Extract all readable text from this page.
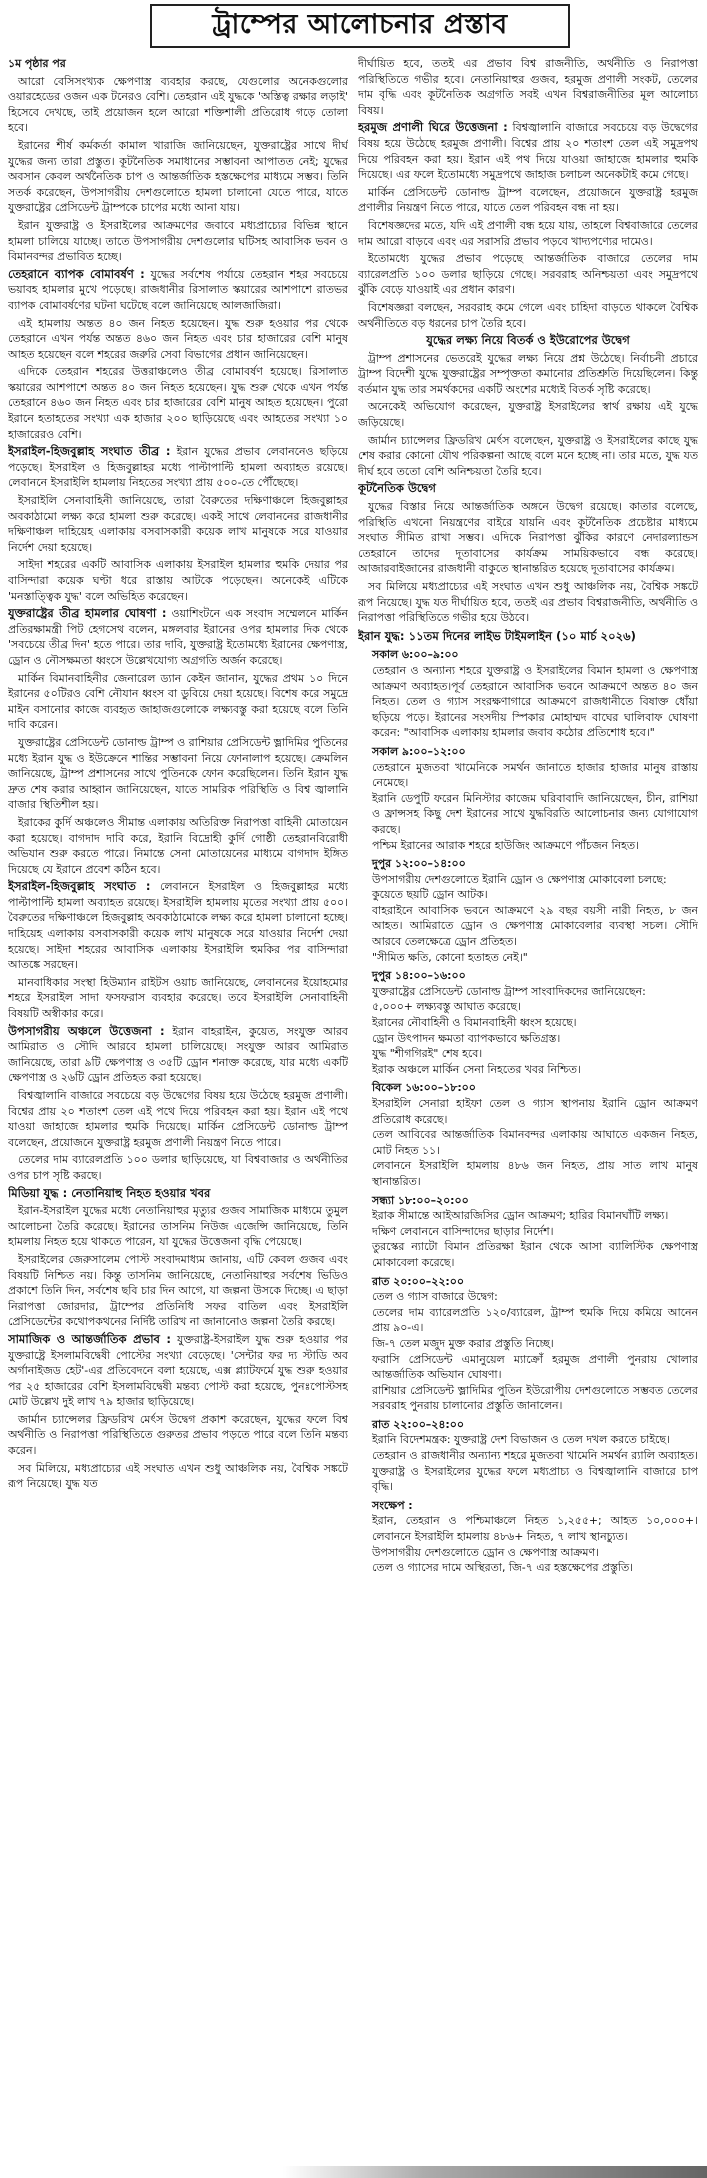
ট্রাম্পের আলোচনার প্রস্তাব

১ম পৃষ্ঠার পর

আরো বেসিসংখ্যক ক্ষেপণাস্ত্র ব্যবহার করছে, যেগুলোর অনেকগুলোর ওয়ারহেডের ওজন এক টনেরও বেশি। তেহরান এই যুদ্ধকে 'অস্তিত্ব রক্ষার লড়াই' হিসেবে দেখছে, তাই প্রয়োজন হলে আরো শক্তিশালী প্রতিরোধ গড়ে তোলা হবে।

ইরানের শীর্ষ কর্মকর্তা কামাল খারাজি জানিয়েছেন, যুক্তরাষ্ট্রের সাথে দীর্ঘ যুদ্ধের জন্য তারা প্রস্তুত। কূটনৈতিক সমাধানের সম্ভাবনা আপাতত নেই; যুদ্ধের অবসান কেবল অর্থনৈতিক চাপ ও আন্তর্জাতিক হস্তক্ষেপের মাধ্যমে সম্ভব। তিনি সতর্ক করেছেন, উপসাগরীয় দেশগুলোতে হামলা চালানো যেতে পারে, যাতে যুক্তরাষ্ট্রের প্রেসিডেন্ট ট্রাম্পকে চাপের মধ্যে আনা যায়।

ইরান যুক্তরাষ্ট্র ও ইসরাইলের আক্রমণের জবাবে মধ্যপ্রাচ্যের বিভিন্ন স্থানে হামলা চালিয়ে যাচ্ছে। তাতে উপসাগরীয় দেশগুলোর ঘটিসহ আবাসিক ভবন ও বিমানবন্দর প্রভাবিত হচ্ছে।

তেহরানে ব্যাপক বোমাবর্ষণ : যুদ্ধের সর্বশেষ পর্যায়ে তেহরান শহর সবচেয়ে ভয়াবহ হামলার মুখে পড়েছে। রাজধানীর রিসালাত স্কয়ারের আশপাশে রাতভর ব্যাপক বোমাবর্ষণের ঘটনা ঘটেছে বলে জানিয়েছে আলজাজিরা।

এই হামলায় অন্তত ৪০ জন নিহত হয়েছেন। যুদ্ধ শুরু হওয়ার পর থেকে তেহরানে এখন পর্যন্ত অন্তত ৪৬০ জন নিহত এবং চার হাজারের বেশি মানুষ আহত হয়েছেন বলে শহরের জরুরি সেবা বিভাগের প্রধান জানিয়েছেন।

এদিকে তেহরান শহরের উত্তরাঞ্চলেও তীব্র বোমাবর্ষণ হয়েছে। রিসালাত স্কয়ারের আশপাশে অন্তত ৪০ জন নিহত হয়েছেন। যুদ্ধ শুরু থেকে এখন পর্যন্ত তেহরানে ৪৬০ জন নিহত এবং চার হাজারের বেশি মানুষ আহত হয়েছেন। পুরো ইরানে হতাহতের সংখ্যা এক হাজার ২০০ ছাড়িয়েছে এবং আহতের সংখ্যা ১০ হাজারেরও বেশি।

ইসরাইল-হিজবুল্লাহ সংঘাত তীব্র : ইরান যুদ্ধের প্রভাব লেবাননেও ছড়িয়ে পড়েছে। ইসরাইল ও হিজবুল্লাহর মধ্যে পাল্টাপাল্টি হামলা অব্যাহত রয়েছে। লেবাননে ইসরাইলি হামলায় নিহতের সংখ্যা প্রায় ৫০০-তে পৌঁছেছে।

ইসরাইলি সেনাবাহিনী জানিয়েছে, তারা বৈরুতের দক্ষিণাঞ্চলে হিজবুল্লাহর অবকাঠামো লক্ষ্য করে হামলা শুরু করেছে। একই সাথে লেবাননের রাজধানীর দক্ষিণাঞ্চল দাহিয়েহ এলাকায় বসবাসকারী কয়েক লাখ মানুষকে সরে যাওয়ার নির্দেশ দেয়া হয়েছে।

সাইদা শহরের একটি আবাসিক এলাকায় ইসরাইল হামলার হুমকি দেয়ার পর বাসিন্দারা কয়েক ঘণ্টা ধরে রাস্তায় আটকে পড়েছেন। অনেকেই এটিকে 'মনস্তাত্ত্বিক যুদ্ধ' বলে অভিহিত করেছেন।

যুক্তরাষ্ট্রের তীব্র হামলার ঘোষণা : ওয়াশিংটনে এক সংবাদ সম্মেলনে মার্কিন প্রতিরক্ষামন্ত্রী পিট হেগসেথ বলেন, মঙ্গলবার ইরানের ওপর হামলার দিক থেকে 'সবচেয়ে তীব্র দিন' হতে পারে। তার দাবি, যুক্তরাষ্ট্র ইতোমধ্যে ইরানের ক্ষেপণাস্ত্র, ড্রোন ও নৌসক্ষমতা ধ্বংসে উল্লেখযোগ্য অগ্রগতি অর্জন করেছে।

মার্কিন বিমানবাহিনীর জেনারেল ড্যান কেইন জানান, যুদ্ধের প্রথম ১০ দিনে ইরানের ৫০টিরও বেশি নৌযান ধ্বংস বা ডুবিয়ে দেয়া হয়েছে। বিশেষ করে সমুদ্রে মাইন বসানোর কাজে ব্যবহৃত জাহাজগুলোকে লক্ষ্যবস্তু করা হয়েছে বলে তিনি দাবি করেন।

যুক্তরাষ্ট্রের প্রেসিডেন্ট ডোনাল্ড ট্রাম্প ও রাশিয়ার প্রেসিডেন্ট ভ্লাদিমির পুতিনের মধ্যে ইরান যুদ্ধ ও ইউক্রেনে শান্তির সম্ভাবনা নিয়ে ফোনালাপ হয়েছে। ক্রেমলিন জানিয়েছে, ট্রাম্প প্রশাসনের সাথে পুতিনকে ফোন করেছিলেন। তিনি ইরান যুদ্ধ দ্রুত শেষ করার আহ্বান জানিয়েছেন, যাতে সামরিক পরিস্থিতি ও বিশ্ব জ্বালানি বাজার স্থিতিশীল হয়।

ইরাকের কুর্দি অঞ্চলেও সীমান্ত এলাকায় অতিরিক্ত নিরাপত্তা বাহিনী মোতায়েন করা হয়েছে। বাগদাদ দাবি করে, ইরানি বিদ্রোহী কুর্দি গোষ্ঠী তেহরানবিরোধী অভিযান শুরু করতে পারে। নিমান্তে সেনা মোতায়েনের মাধ্যমে বাগদাদ ইঙ্গিত দিয়েছে যে ইরানে প্রবেশ কঠিন হবে।

ইসরাইল-হিজবুল্লাহ সংঘাত : লেবাননে ইসরাইল ও হিজবুল্লাহর মধ্যে পাল্টাপাল্টি হামলা অব্যাহত রয়েছে। ইসরাইলি হামলায় মৃতের সংখ্যা প্রায় ৫০০। বৈরুতের দক্ষিণাঞ্চলে হিজবুল্লাহ অবকাঠামোকে লক্ষ্য করে হামলা চালানো হচ্ছে। দাহিয়েহ এলাকায় বসবাসকারী কয়েক লাখ মানুষকে সরে যাওয়ার নির্দেশ দেয়া হয়েছে। সাইদা শহরের আবাসিক এলাকায় ইসরাইলি হুমকির পর বাসিন্দারা আতঙ্কে সরছেন।

মানবাধিকার সংস্থা হিউম্যান রাইটস ওয়াচ জানিয়েছে, লেবাননের ইয়োহমোর শহরে ইসরাইল সাদা ফসফরাস ব্যবহার করেছে। তবে ইসরাইলি সেনাবাহিনী বিষয়টি অস্বীকার করে।

উপসাগরীয় অঞ্চলে উত্তেজনা : ইরান বাহরাইন, কুয়েত, সংযুক্ত আরব আমিরাত ও সৌদি আরবে হামলা চালিয়েছে। সংযুক্ত আরব আমিরাত জানিয়েছে, তারা ৯টি ক্ষেপণাস্ত্র ও ৩৫টি ড্রোন শনাক্ত করেছে, যার মধ্যে একটি ক্ষেপণাস্ত্র ও ২৬টি ড্রোন প্রতিহত করা হয়েছে।

বিশ্বজ্বালানি বাজারে সবচেয়ে বড় উদ্বেগের বিষয় হয়ে উঠেছে হরমুজ প্রণালী। বিশ্বের প্রায় ২০ শতাংশ তেল এই পথে দিয়ে পরিবহন করা হয়। ইরান এই পথে যাওয়া জাহাজে হামলার হুমকি দিয়েছে। মার্কিন প্রেসিডেন্ট ডোনাল্ড ট্রাম্প বলেছেন, প্রয়োজনে যুক্তরাষ্ট্র হরমুজ প্রণালী নিয়ন্ত্রণ নিতে পারে।

তেলের দাম ব্যারেলপ্রতি ১০০ ডলার ছাড়িয়েছে, যা বিশ্ববাজার ও অর্থনীতির ওপর চাপ সৃষ্টি করছে।

মিডিয়া যুদ্ধ : নেতানিয়াহু নিহত হওয়ার খবর

ইরান-ইসরাইল যুদ্ধের মধ্যে নেতানিয়াহুর মৃত্যুর গুজব সামাজিক মাধ্যমে তুমুল আলোচনা তৈরি করেছে। ইরানের তাসনিম নিউজ এজেন্সি জানিয়েছে, তিনি হামলায় নিহত হয়ে থাকতে পারেন, যা যুদ্ধের উত্তেজনা বৃদ্ধি পেয়েছে।

ইসরাইলের জেরুসালেম পোস্ট সংবাদমাধ্যম জানায়, এটি কেবল গুজব এবং বিষয়টি নিশ্চিত নয়। কিন্তু তাসনিম জানিয়েছে, নেতানিয়াহুর সর্বশেষ ভিডিও প্রকাশে তিনি দিন, সর্বশেষ ছবি চার দিন আগে, যা জল্পনা উসকে দিচ্ছে। এ ছাড়া নিরাপত্তা জোরদার, ট্রাম্পের প্রতিনিধি সফর বাতিল এবং ইসরাইলি প্রেসিডেন্টের কথোপকথনের নির্দিষ্ট তারিখ না জানানোও জল্পনা তৈরি করছে।

সামাজিক ও আন্তর্জাতিক প্রভাব : যুক্তরাষ্ট্র-ইসরাইল যুদ্ধ শুরু হওয়ার পর যুক্তরাষ্ট্রে ইসলামবিদ্বেষী পোস্টের সংখ্যা বেড়েছে। 'সেন্টার ফর দ্য স্টাডি অব অর্গানাইজড হেট'-এর প্রতিবেদনে বলা হয়েছে, এক্স প্ল্যাটফর্মে যুদ্ধ শুরু হওয়ার পর ২৫ হাজারের বেশি ইসলামবিদ্বেষী মন্তব্য পোস্ট করা হয়েছে, পুনঃপোস্টসহ মোট উল্লেখ দুই লাখ ৭৯ হাজার ছাড়িয়েছে।

জার্মান চ্যান্সেলর ফ্রিডরিখ মের্ৎস উদ্বেগ প্রকাশ করেছেন, যুদ্ধের ফলে বিশ্ব অর্থনীতি ও নিরাপত্তা পরিস্থিতিতে গুরুতর প্রভাব পড়তে পারে বলে তিনি মন্তব্য করেন।

সব মিলিয়ে, মধ্যপ্রাচ্যের এই সংঘাত এখন শুধু আঞ্চলিক নয়, বৈশ্বিক সঙ্কটে রূপ নিয়েছে। যুদ্ধ যত

দীর্ঘায়িত হবে, ততই এর প্রভাব বিশ্ব রাজনীতি, অর্থনীতি ও নিরাপত্তা পরিস্থিতিতে গভীর হবে। নেতানিয়াহুর গুজব, হরমুজ প্রণালী সংকট, তেলের দাম বৃদ্ধি এবং কূটনৈতিক অগ্রগতি সবই এখন বিশ্বরাজনীতির মূল আলোচ্য বিষয়।

হরমুজ প্রণালী ঘিরে উত্তেজনা : বিশ্বজ্বালানি বাজারে সবচেয়ে বড় উদ্বেগের বিষয় হয়ে উঠেছে হরমুজ প্রণালী। বিশ্বের প্রায় ২০ শতাংশ তেল এই সমুদ্রপথ দিয়ে পরিবহন করা হয়। ইরান এই পথ দিয়ে যাওয়া জাহাজে হামলার হুমকি দিয়েছে। এর ফলে ইতোমধ্যে সমুদ্রপথে জাহাজ চলাচল অনেকটাই কমে গেছে।

মার্কিন প্রেসিডেন্ট ডোনাল্ড ট্রাম্প বলেছেন, প্রয়োজনে যুক্তরাষ্ট্র হরমুজ প্রণালীর নিয়ন্ত্রণ নিতে পারে, যাতে তেল পরিবহন বন্ধ না হয়।

বিশেষজ্ঞদের মতে, যদি এই প্রণালী বন্ধ হয়ে যায়, তাহলে বিশ্ববাজারে তেলের দাম আরো বাড়বে এবং এর সরাসরি প্রভাব পড়বে খাদ্যপণ্যের দামেও।

ইতোমধ্যে যুদ্ধের প্রভাব পড়েছে আন্তর্জাতিক বাজারে তেলের দাম ব্যারেলপ্রতি ১০০ ডলার ছাড়িয়ে গেছে। সরবরাহ অনিশ্চয়তা এবং সমুদ্রপথে ঝুঁকি বেড়ে যাওয়াই এর প্রধান কারণ।

বিশেষজ্ঞরা বলছেন, সরবরাহ কমে গেলে এবং চাহিদা বাড়তে থাকলে বৈশ্বিক অর্থনীতিতে বড় ধরনের চাপ তৈরি হবে।

যুদ্ধের লক্ষ্য নিয়ে বিতর্ক ও ইউরোপের উদ্বেগ

ট্রাম্প প্রশাসনের ভেতরেই যুদ্ধের লক্ষ্য নিয়ে প্রশ্ন উঠেছে। নির্বাচনী প্রচারে ট্রাম্প বিদেশী যুদ্ধে যুক্তরাষ্ট্রের সম্পৃক্ততা কমানোর প্রতিশ্রুতি দিয়েছিলেন। কিন্তু বর্তমান যুদ্ধ তার সমর্থকদের একটি অংশের মধ্যেই বিতর্ক সৃষ্টি করেছে।

অনেকেই অভিযোগ করেছেন, যুক্তরাষ্ট্র ইসরাইলের স্বার্থ রক্ষায় এই যুদ্ধে জড়িয়েছে।

জার্মান চ্যান্সেলর ফ্রিডরিখ মের্ৎস বলেছেন, যুক্তরাষ্ট্র ও ইসরাইলের কাছে যুদ্ধ শেষ করার কোনো যৌথ পরিকল্পনা আছে বলে মনে হচ্ছে না। তার মতে, যুদ্ধ যত দীর্ঘ হবে ততো বেশি অনিশ্চয়তা তৈরি হবে।

কূটনৈতিক উদ্বেগ

যুদ্ধের বিস্তার নিয়ে আন্তর্জাতিক অঙ্গনে উদ্বেগ রয়েছে। কাতার বলেছে, পরিস্থিতি এখনো নিয়ন্ত্রণের বাইরে যায়নি এবং কূটনৈতিক প্রচেষ্টার মাধ্যমে সংঘাত সীমিত রাখা সম্ভব। এদিকে নিরাপত্তা ঝুঁকির কারণে নেদারল্যান্ডস তেহরানে তাদের দূতাবাসের কার্যক্রম সাময়িকভাবে বন্ধ করেছে। আজারবাইজানের রাজধানী বাকুতে স্থানান্তরিত হয়েছে দূতাবাসের কার্যক্রম।

সব মিলিয়ে মধ্যপ্রাচ্যের এই সংঘাত এখন শুধু আঞ্চলিক নয়, বৈশ্বিক সঙ্কটে রূপ নিয়েছে। যুদ্ধ যত দীর্ঘায়িত হবে, ততই এর প্রভাব বিশ্বরাজনীতি, অর্থনীতি ও নিরাপত্তা পরিস্থিতিতে গভীর হয়ে উঠবে।

ইরান যুদ্ধ: ১১তম দিনের লাইভ টাইমলাইন (১০ মার্চ ২০২৬)
সকাল ৬:০০–৯:০০

তেহরান ও অন্যান্য শহরে যুক্তরাষ্ট্র ও ইসরাইলের বিমান হামলা ও ক্ষেপণাস্ত্র আক্রমণ অব্যাহত।পূর্ব তেহরানে আবাসিক ভবনে আক্রমণে অন্তত ৪০ জন নিহত। তেল ও গ্যাস সংরক্ষণাগারে আক্রমণে রাজধানীতে বিষাক্ত ধোঁয়া ছড়িয়ে পড়ে। ইরানের সংসদীয় স্পিকার মোহাম্মদ বাঘের ঘালিবাফ ঘোষণা করেন: "আবাসিক এলাকায় হামলার জবাব কঠোর প্রতিশোধ হবে।"

সকাল ৯:০০–১২:০০

তেহরানে মুজতবা খামেনিকে সমর্থন জানাতে হাজার হাজার মানুষ রাস্তায় নেমেছে।

ইরানি ডেপুটি ফরেন মিনিস্টার কাজেম ঘরিবাবাদি জানিয়েছেন, চীন, রাশিয়া ও ফ্রান্সসহ কিছু দেশ ইরানের সাথে যুদ্ধবিরতি আলোচনার জন্য যোগাযোগ করছে।

পশ্চিম ইরানের আরাক শহরে হাউজিং আক্রমণে পাঁচজন নিহত।

দুপুর ১২:০০–১৪:০০

উপসাগরীয় দেশগুলোতে ইরানি ড্রোন ও ক্ষেপণাস্ত্র মোকাবেলা চলছে:

কুয়েতে ছয়টি ড্রোন আটক।

বাহরাইনে আবাসিক ভবনে আক্রমণে ২৯ বছর বয়সী নারী নিহত, ৮ জন আহত। আমিরাতে ড্রোন ও ক্ষেপণাস্ত্র মোকাবেলার ব্যবস্থা সচল। সৌদি আরবে তেলক্ষেত্রে ড্রোন প্রতিহত।

"সীমিত ক্ষতি, কোনো হতাহত নেই।"

দুপুর ১৪:০০–১৬:০০

যুক্তরাষ্ট্রের প্রেসিডেন্ট ডোনাল্ড ট্রাম্প সাংবাদিকদের জানিয়েছেন:

৫,০০০+ লক্ষ্যবস্তু আঘাত করেছে।

ইরানের নৌবাহিনী ও বিমানবাহিনী ধ্বংস হয়েছে।

ড্রোন উৎপাদন ক্ষমতা ব্যাপকভাবে ক্ষতিগ্রস্ত।

যুদ্ধ "শীগগিরই" শেষ হবে।

ইরাক অঞ্চলে মার্কিন সেনা নিহতের খবর নিশ্চিত।

বিকেল ১৬:০০–১৮:০০

ইসরাইলি সেনারা হাইফা তেল ও গ্যাস স্থাপনায় ইরানি ড্রোন আক্রমণ প্রতিরোধ করেছে।

তেল আবিবের আন্তর্জাতিক বিমানবন্দর এলাকায় আঘাতে একজন নিহত, মোট নিহত ১১।

লেবাননে ইসরাইলি হামলায় ৪৮৬ জন নিহত, প্রায় সাত লাখ মানুষ স্থানান্তরিত।

সন্ধ্যা ১৮:০০–২০:০০

ইরাক সীমান্তে আইআরজিসির ড্রোন আক্রমণ; হারির বিমানঘাঁটি লক্ষ্য।

দক্ষিণ লেবাননে বাসিন্দাদের ছাড়ার নির্দেশ।

তুরস্কের ন্যাটো বিমান প্রতিরক্ষা ইরান থেকে আসা ব্যালিস্টিক ক্ষেপণাস্ত্র মোকাবেলা করেছে।

রাত ২০:০০–২২:০০

তেল ও গ্যাস বাজারে উদ্বেগ:

তেলের দাম ব্যারেলপ্রতি ১২০/ব্যারেল, ট্রাম্প হুমকি দিয়ে কমিয়ে আনেন প্রায় ৯০-এ।

জি-৭ তেল মজুদ মুক্ত করার প্রস্তুতি নিচ্ছে।

ফরাসি প্রেসিডেন্ট এমানুয়েল ম্যাক্রোঁ হরমুজ প্রণালী পুনরায় খোলার আন্তর্জাতিক অভিযান ঘোষণা।

রাশিয়ার প্রেসিডেন্ট ভ্লাদিমির পুতিন ইউরোপীয় দেশগুলোতে সম্ভবত তেলের সরবরাহ পুনরায় চালানোর প্রস্তুতি জানালেন।

রাত ২২:০০–২৪:০০

ইরানি বিদেশমন্ত্রক: যুক্তরাষ্ট্র দেশ বিভাজন ও তেল দখল করতে চাইছে।

তেহরান ও রাজধানীর অন্যান্য শহরে মুজতবা খামেনি সমর্থন র‍্যালি অব্যাহত। যুক্তরাষ্ট্র ও ইসরাইলের যুদ্ধের ফলে মধ্যপ্রাচ্য ও বিশ্বজ্বালানি বাজারে চাপ বৃদ্ধি।

সংক্ষেপ :

ইরান, তেহরান ও পশ্চিমাঞ্চলে নিহত ১,২৫৫+; আহত ১০,০০০+। লেবাননে ইসরাইলি হামলায় ৪৮৬+ নিহত, ৭ লাখ স্থানচ্যুত।

উপসাগরীয় দেশগুলোতে ড্রোন ও ক্ষেপণাস্ত্র আক্রমণ।

তেল ও গ্যাসের দামে অস্থিরতা, জি-৭ এর হস্তক্ষেপের প্রস্তুতি।
